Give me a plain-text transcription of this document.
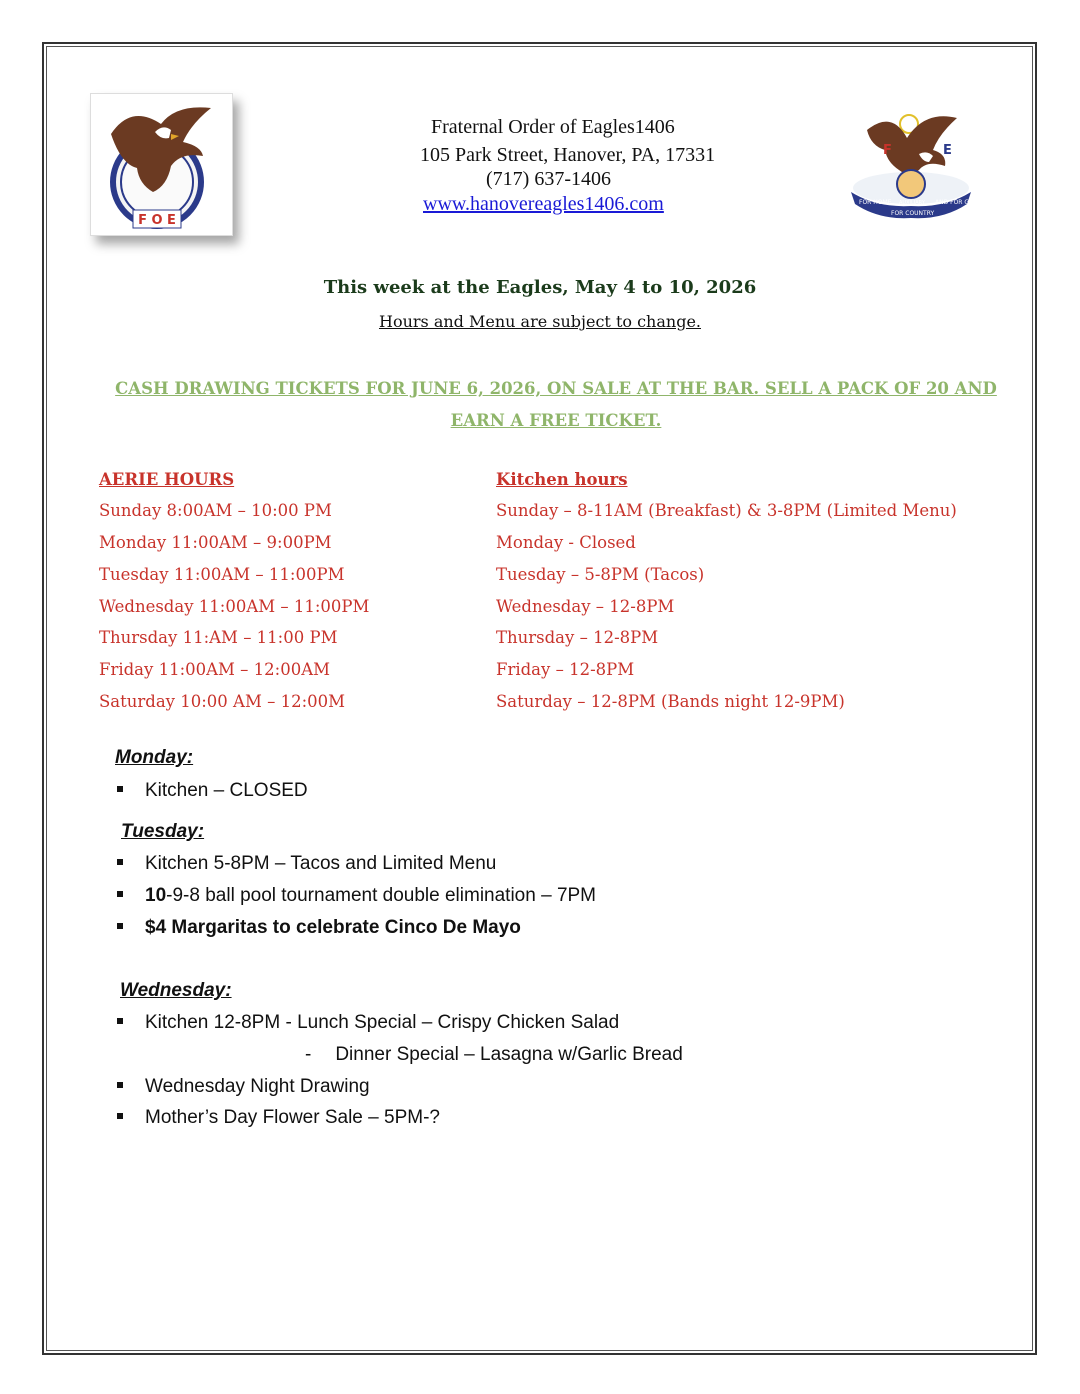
F O E
Fraternal Order of Eagles1406
105 Park Street, Hanover, PA, 17331
(717) 637-1406
www.hanovereagles1406.com
F	E
FOR HOME AUXILIARY AND FOR GOD
FOR COUNTRY
This week at the Eagles, May 4 to 10, 2026
Hours and Menu are subject to change.
CASH DRAWING TICKETS FOR JUNE 6, 2026, ON SALE AT THE BAR. SELL A PACK OF 20 AND
EARN A FREE TICKET.
AERIE HOURS
Sunday 8:00AM – 10:00 PM
Monday 11:00AM – 9:00PM
Tuesday 11:00AM – 11:00PM
Wednesday 11:00AM – 11:00PM
Thursday 11:AM – 11:00 PM
Friday 11:00AM – 12:00AM
Saturday 10:00 AM – 12:00M
Kitchen hours
Sunday – 8-11AM (Breakfast) & 3-8PM (Limited Menu)
Monday - Closed
Tuesday – 5-8PM (Tacos)
Wednesday – 12-8PM
Thursday – 12-8PM
Friday – 12-8PM
Saturday – 12-8PM (Bands night 12-9PM)
Monday:
Kitchen – CLOSED
Tuesday:
Kitchen 5-8PM – Tacos and Limited Menu
10-9-8 ball pool tournament double elimination – 7PM
$4 Margaritas to celebrate Cinco De Mayo
Wednesday:
Kitchen 12-8PM - Lunch Special – Crispy Chicken Salad
- Dinner Special – Lasagna w/Garlic Bread
Wednesday Night Drawing
Mother’s Day Flower Sale – 5PM-?
